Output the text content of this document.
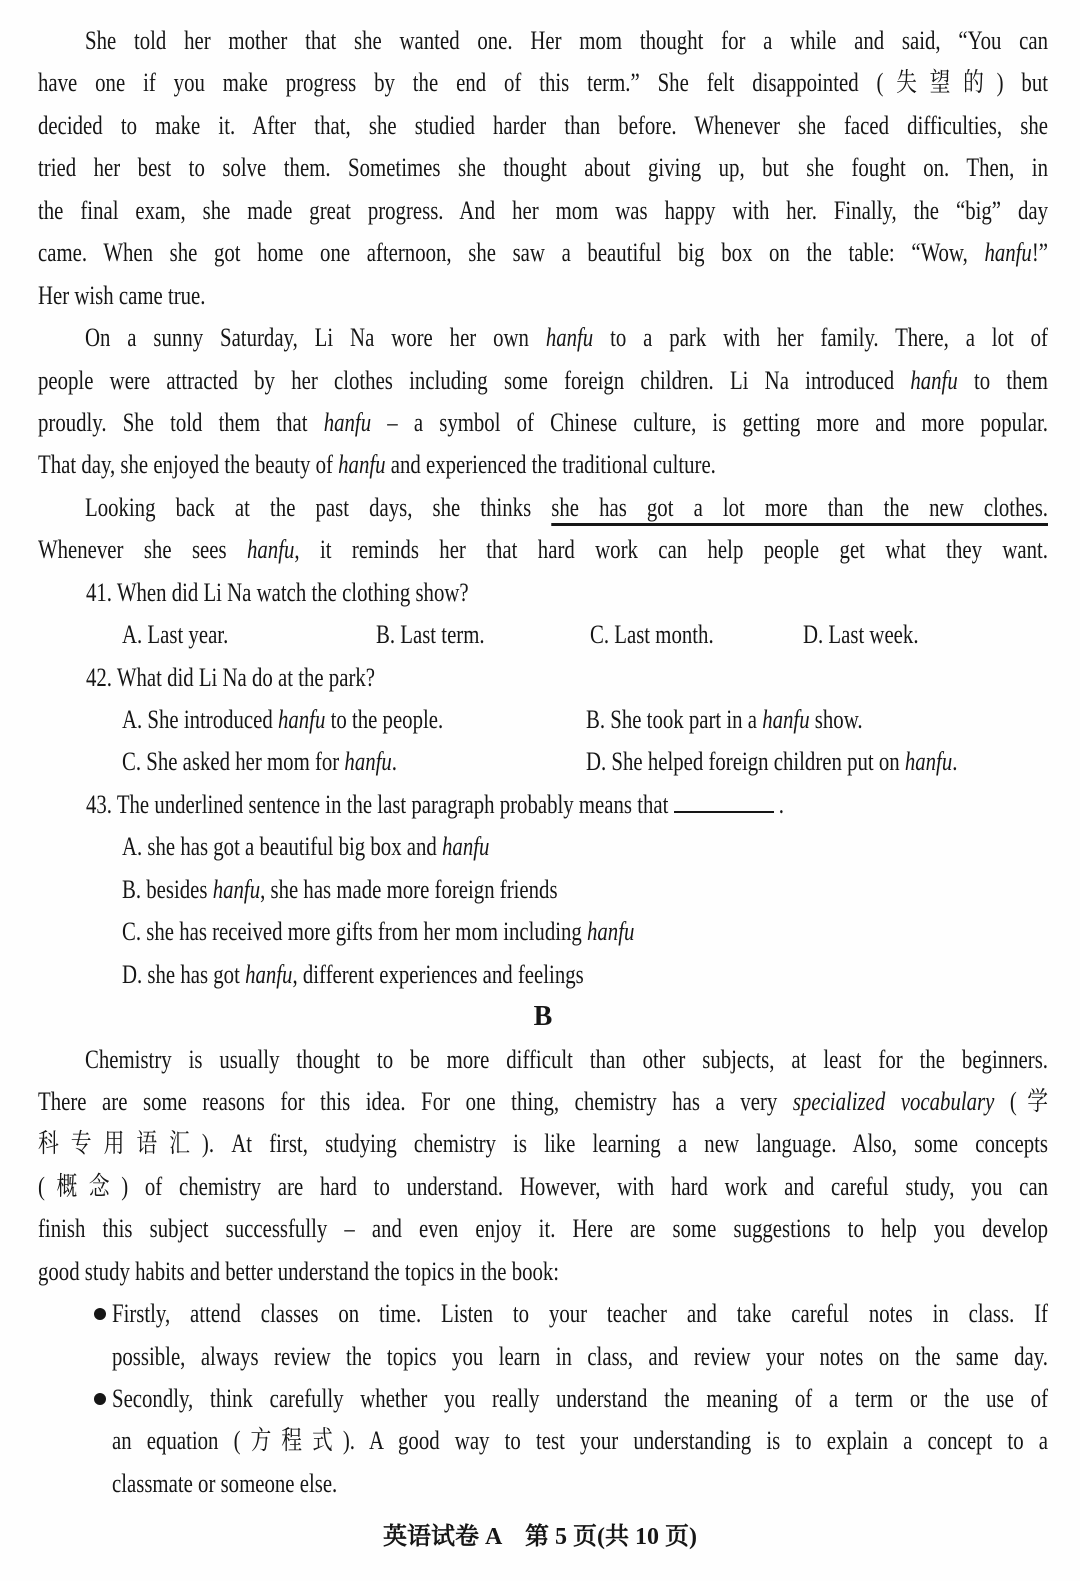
She told her mother that she wanted one. Her mom thought for a while and said, “You can
have one if you make progress by the end of this term.” She felt disappointed (失望的) but
decided to make it. After that, she studied harder than before. Whenever she faced difficulties, she
tried her best to solve them. Sometimes she thought about giving up, but she fought on. Then, in
the final exam, she made great progress. And her mom was happy with her. Finally, the “big” day
came. When she got home one afternoon, she saw a beautiful big box on the table: “Wow, hanfu!”
Her wish came true.
On a sunny Saturday, Li Na wore her own hanfu to a park with her family. There, a lot of
people were attracted by her clothes including some foreign children. Li Na introduced hanfu to them
proudly. She told them that hanfu – a symbol of Chinese culture, is getting more and more popular.
That day, she enjoyed the beauty of hanfu and experienced the traditional culture.
Looking back at the past days, she thinks she has got a lot more than the new clothes.
Whenever she sees hanfu, it reminds her that hard work can help people get what they want.
41. When did Li Na watch the clothing show?
A. Last year.	B. Last term.	C. Last month.	D. Last week.
42. What did Li Na do at the park?
A. She introduced hanfu to the people.	B. She took part in a hanfu show.
C. She asked her mom for hanfu.	D. She helped foreign children put on hanfu.
43. The underlined sentence in the last paragraph probably means that	.
A. she has got a beautiful big box and hanfu
B. besides hanfu, she has made more foreign friends
C. she has received more gifts from her mom including hanfu
D. she has got hanfu, different experiences and feelings
B
Chemistry is usually thought to be more difficult than other subjects, at least for the beginners.
There are some reasons for this idea. For one thing, chemistry has a very specialized vocabulary (学
科专用语汇). At first, studying chemistry is like learning a new language. Also, some concepts
(概念) of chemistry are hard to understand. However, with hard work and careful study, you can
finish this subject successfully – and even enjoy it. Here are some suggestions to help you develop
good study habits and better understand the topics in the book:
Firstly, attend classes on time. Listen to your teacher and take careful notes in class. If
possible, always review the topics you learn in class, and review your notes on the same day.
Secondly, think carefully whether you really understand the meaning of a term or the use of
an equation (方程式). A good way to test your understanding is to explain a concept to a
classmate or someone else.
英语试卷 A　第 5 页(共 10 页)
